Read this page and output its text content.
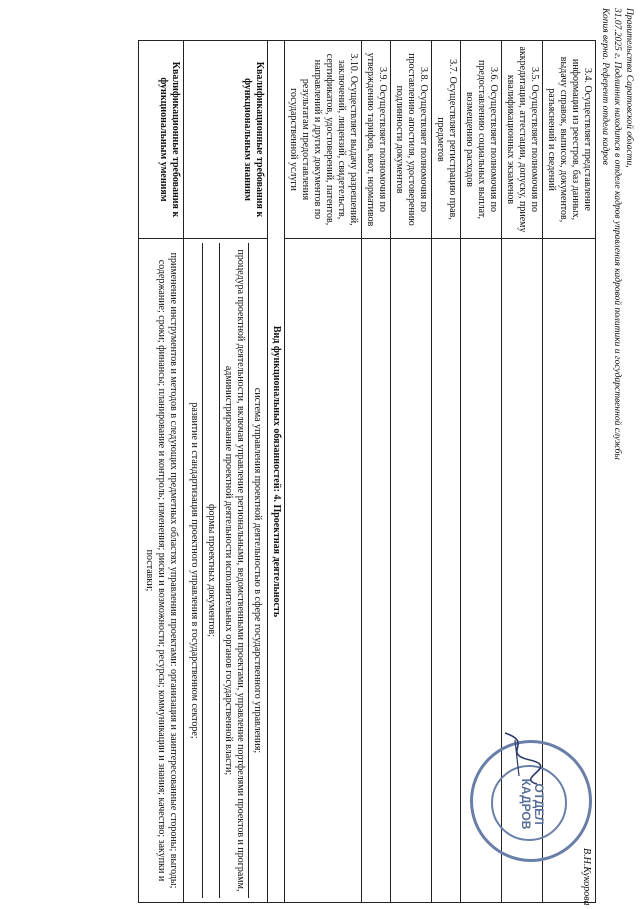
Правительства Саратовской области,
31.07.2025 г. Подлинник находится в отделе кадров управления кадровой политики и государственной службы
Копия верна. Референт отдела кадров
3.4. Осуществляет представление информации из реестров, баз данных, выдачу справок, выписок, документов, разъяснений и сведений	
3.5. Осуществляет полномочия по аккредитации, аттестации, допуску, приему квалификационных экзаменов	
3.6. Осуществляет полномочия по предоставлению социальных выплат, возмещению расходов	
3.7. Осуществляет регистрацию прав, предметов	
3.8. Осуществляет полномочия по проставлению апостиля, удостоверению подлинности документов	
3.9. Осуществляет полномочия по утверждению тарифов, квот, нормативов	
3.10. Осуществляет выдачу разрешений, заключений, лицензий, свидетельств, сертификатов, удостоверений, патентов, направлений и других документов по результатам предоставления государственной услуги	
Вид функциональных обязанностей: 4. Проектная деятельность	
Квалификационные требования к функциональным знаниям	система управления проектной деятельностью в сфере государственного управления;
процедура проектной деятельности, включая управление региональными, ведомственными проектами, управление портфелями проектов и программ, администрирование проектной деятельности исполнительных органов государственной власти;
формы проектных документов;
развитие и стандартизация проектного управления в государственном секторе;

Квалификационные требования к функциональным умениям	применение инструментов и методов в следующих предметных областях управления проектами: организация и заинтересованные стороны; выгоды; содержание; сроки; финансы; планирование и контроль; изменения; риски и возможности; ресурсы; коммуникации и знания; качество; закупки и поставки;
ОТДЕЛ
КАДРОВ
В.Н.Кукорова
